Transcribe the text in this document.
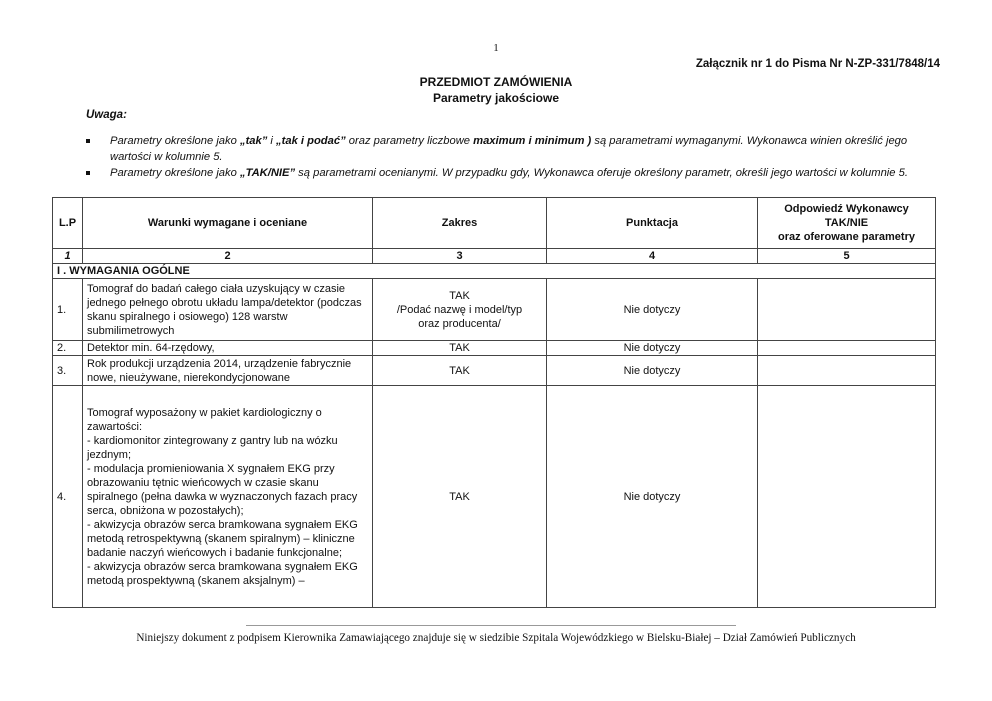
1
Załącznik nr 1 do Pisma Nr N-ZP-331/7848/14
PRZEDMIOT ZAMÓWIENIA
Parametry jakościowe
Uwaga:
Parametry określone jako „tak” i „tak i podać” oraz parametry liczbowe maximum i minimum ) są parametrami wymaganymi. Wykonawca winien określić jego wartości w kolumnie 5.
Parametry określone jako „TAK/NIE” są parametrami ocenianymi. W przypadku gdy, Wykonawca oferuje określony parametr, określi jego wartości w kolumnie 5.
L.P	Warunki wymagane i oceniane	Zakres	Punktacja	Odpowiedź Wykonawcy
TAK/NIE
oraz oferowane parametry

1	2	3	4	5
I . WYMAGANIA OGÓLNE				
1.	Tomograf do badań całego ciała uzyskujący w czasie jednego pełnego obrotu układu lampa/detektor (podczas skanu spiralnego i osiowego) 128 warstw submilimetrowych	TAK
/Podać nazwę i model/typ
oraz producenta/	Nie dotyczy	
2.	Detektor min. 64-rzędowy,	TAK	Nie dotyczy	
3.	Rok produkcji urządzenia 2014, urządzenie fabrycznie nowe, nieużywane, nierekondycjonowane	TAK	Nie dotyczy	
4.	Tomograf wyposażony w pakiet kardiologiczny o zawartości:
- kardiomonitor zintegrowany z gantry lub na wózku jezdnym;
- modulacja promieniowania X sygnałem EKG przy obrazowaniu tętnic wieńcowych w czasie skanu spiralnego (pełna dawka w wyznaczonych fazach pracy serca, obniżona w pozostałych);
- akwizycja obrazów serca bramkowana sygnałem EKG metodą retrospektywną (skanem spiralnym) – kliniczne badanie naczyń wieńcowych i badanie funkcjonalne;
- akwizycja obrazów serca bramkowana sygnałem EKG metodą prospektywną (skanem aksjalnym) –	TAK	Nie dotyczy	
Niniejszy dokument z podpisem Kierownika Zamawiającego znajduje się w siedzibie Szpitala Wojewódzkiego w Bielsku-Białej – Dział Zamówień Publicznych
